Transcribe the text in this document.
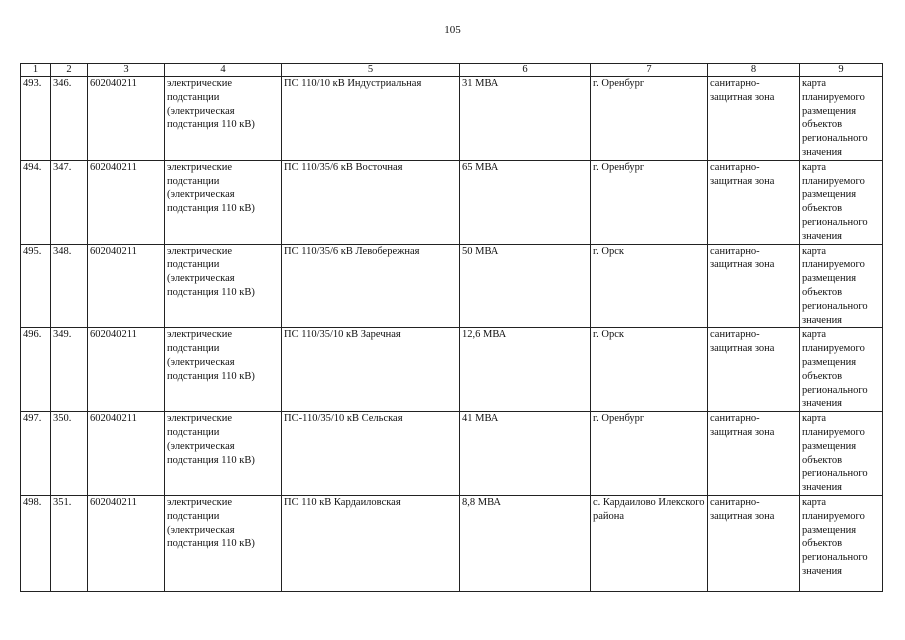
105
1	2	3	4	5	6	7	8	9
493.	346.	602040211	электрические подстанции (электрическая подстанция 110 кВ)	ПС 110/10 кВ Индустриальная	31 МВА	г. Оренбург	санитарно-защитная зона	карта планируемого размещения объектов регионального значения
494.	347.	602040211	электрические подстанции (электрическая подстанция 110 кВ)	ПС 110/35/6 кВ Восточная	65 МВА	г. Оренбург	санитарно-защитная зона	карта планируемого размещения объектов регионального значения
495.	348.	602040211	электрические подстанции (электрическая подстанция 110 кВ)	ПС 110/35/6 кВ Левобережная	50 МВА	г. Орск	санитарно-защитная зона	карта планируемого размещения объектов регионального значения
496.	349.	602040211	электрические подстанции (электрическая подстанция 110 кВ)	ПС 110/35/10 кВ Заречная	12,6 МВА	г. Орск	санитарно-защитная зона	карта планируемого размещения объектов регионального значения
497.	350.	602040211	электрические подстанции (электрическая подстанция 110 кВ)	ПС-110/35/10 кВ Сельская	41 МВА	г. Оренбург	санитарно-защитная зона	карта планируемого размещения объектов регионального значения
498.	351.	602040211	электрические подстанции (электрическая подстанция 110 кВ)	ПС 110 кВ Кардаиловская	8,8 МВА	с. Кардаилово Илекского района	санитарно-защитная зона	карта планируемого размещения объектов регионального значения
